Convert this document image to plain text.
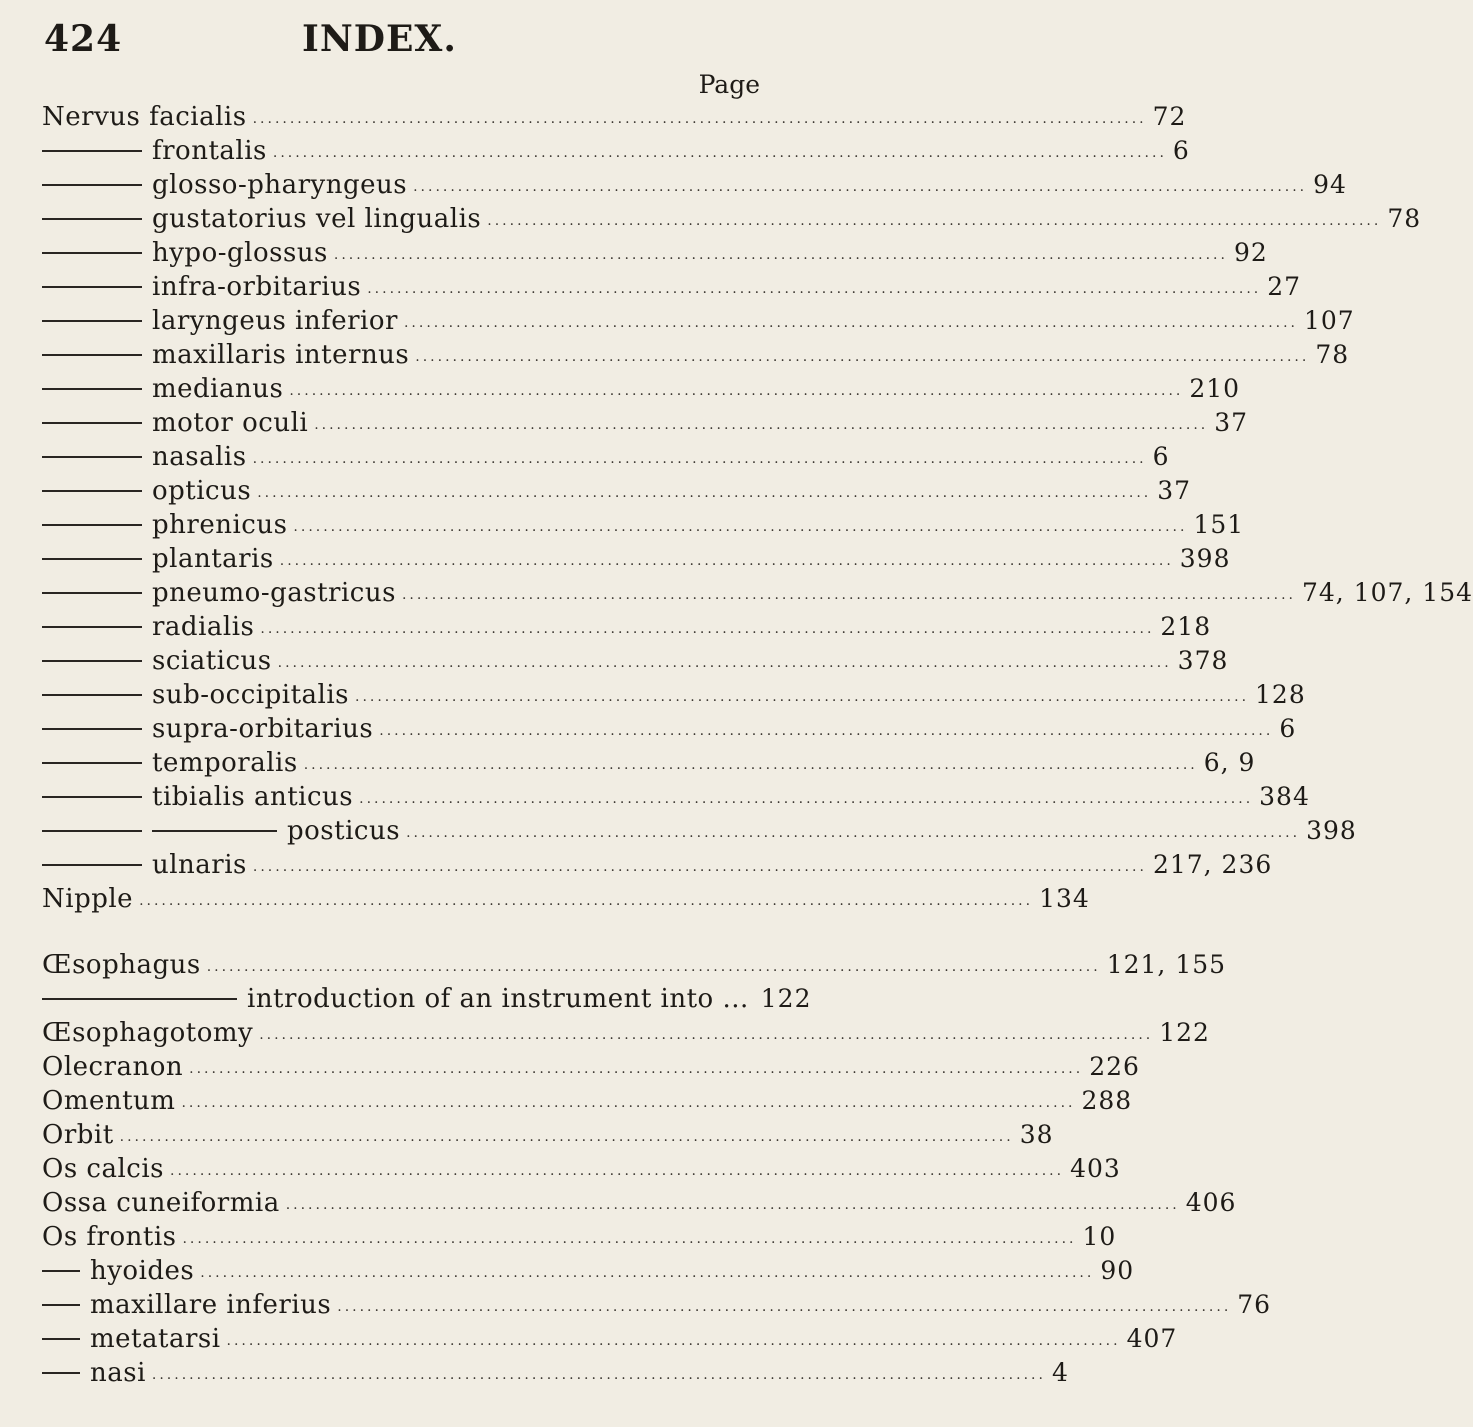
424	INDEX.
Page
Nervus facialis ........................................................................................................................ 72
frontalis ........................................................................................................................ 6
glosso-pharyngeus ........................................................................................................................ 94
gustatorius vel lingualis ........................................................................................................................ 78
hypo-glossus ........................................................................................................................ 92
infra-orbitarius ........................................................................................................................ 27
laryngeus inferior ........................................................................................................................ 107
maxillaris internus ........................................................................................................................ 78
medianus ........................................................................................................................ 210
motor oculi ........................................................................................................................ 37
nasalis ........................................................................................................................ 6
opticus ........................................................................................................................ 37
phrenicus ........................................................................................................................ 151
plantaris ........................................................................................................................ 398
pneumo-gastricus ........................................................................................................................ 74, 107, 154
radialis ........................................................................................................................ 218
sciaticus ........................................................................................................................ 378
sub-occipitalis ........................................................................................................................ 128
supra-orbitarius ........................................................................................................................ 6
temporalis ........................................................................................................................ 6, 9
tibialis anticus ........................................................................................................................ 384
posticus ........................................................................................................................ 398
ulnaris ........................................................................................................................ 217, 236
Nipple ........................................................................................................................ 134
Œsophagus ........................................................................................................................ 121, 155
introduction of an instrument into ... 122
Œsophagotomy ........................................................................................................................ 122
Olecranon ........................................................................................................................ 226
Omentum ........................................................................................................................ 288
Orbit ........................................................................................................................ 38
Os calcis ........................................................................................................................ 403
Ossa cuneiformia ........................................................................................................................ 406
Os frontis ........................................................................................................................ 10
hyoides ........................................................................................................................ 90
maxillare inferius ........................................................................................................................ 76
metatarsi ........................................................................................................................ 407
nasi ........................................................................................................................ 4
